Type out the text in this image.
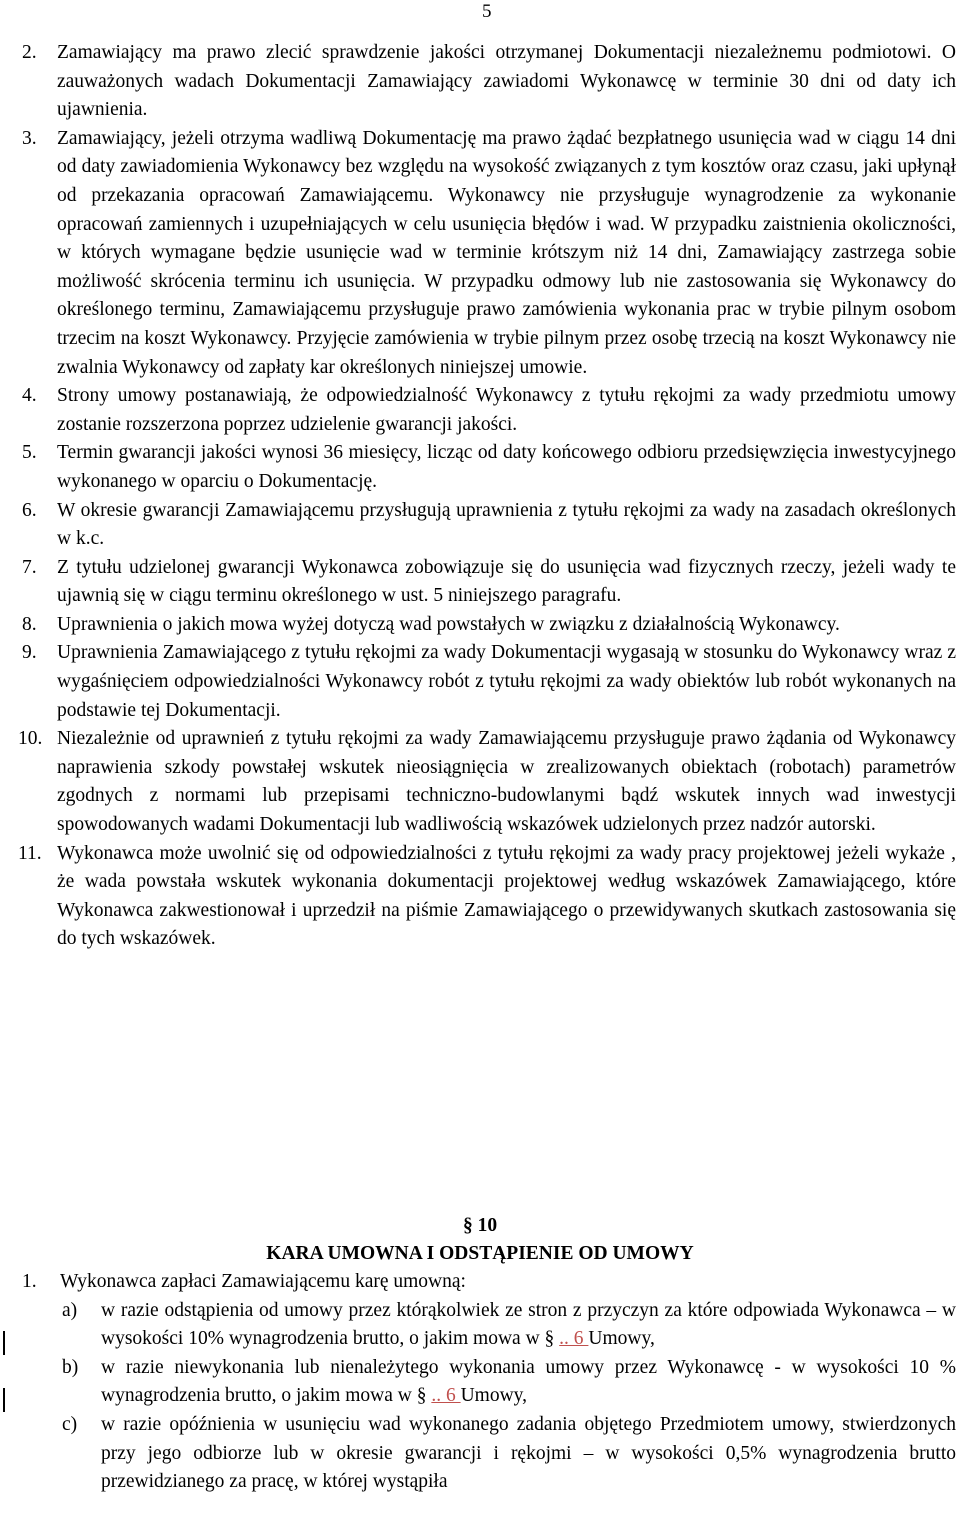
5
2. Zamawiający ma prawo zlecić sprawdzenie jakości otrzymanej Dokumentacji niezależnemu podmiotowi. O zauważonych wadach Dokumentacji Zamawiający zawiadomi Wykonawcę w terminie 30 dni od daty ich ujawnienia.
3. Zamawiający, jeżeli otrzyma wadliwą Dokumentację ma prawo żądać bezpłatnego usunięcia wad w ciągu 14 dni od daty zawiadomienia Wykonawcy bez względu na wysokość związanych z tym kosztów oraz czasu, jaki upłynął od przekazania opracowań Zamawiającemu. Wykonawcy nie przysługuje wynagrodzenie za wykonanie opracowań zamiennych i uzupełniających w celu usunięcia błędów i wad. W przypadku zaistnienia okoliczności, w których wymagane będzie usunięcie wad w terminie krótszym niż 14 dni, Zamawiający zastrzega sobie możliwość skrócenia terminu ich usunięcia. W przypadku odmowy lub nie zastosowania się Wykonawcy do określonego terminu, Zamawiającemu przysługuje prawo zamówienia wykonania prac w trybie pilnym osobom trzecim na koszt Wykonawcy. Przyjęcie zamówienia w trybie pilnym przez osobę trzecią na koszt Wykonawcy nie zwalnia Wykonawcy od zapłaty kar określonych niniejszej umowie.
4. Strony umowy postanawiają, że odpowiedzialność Wykonawcy z tytułu rękojmi za wady przedmiotu umowy zostanie rozszerzona poprzez udzielenie gwarancji jakości.
5. Termin gwarancji jakości wynosi 36 miesięcy, licząc od daty końcowego odbioru przedsięwzięcia inwestycyjnego wykonanego w oparciu o Dokumentację.
6. W okresie gwarancji Zamawiającemu przysługują uprawnienia z tytułu rękojmi za wady na zasadach określonych w k.c.
7. Z tytułu udzielonej gwarancji Wykonawca zobowiązuje się do usunięcia wad fizycznych rzeczy, jeżeli wady te ujawnią się w ciągu terminu określonego w ust. 5 niniejszego paragrafu.
8. Uprawnienia o jakich mowa wyżej dotyczą wad powstałych w związku z działalnością Wykonawcy.
9. Uprawnienia Zamawiającego z tytułu rękojmi za wady Dokumentacji wygasają w stosunku do Wykonawcy wraz z wygaśnięciem odpowiedzialności Wykonawcy robót z tytułu rękojmi za wady obiektów lub robót wykonanych na podstawie tej Dokumentacji.
10. Niezależnie od uprawnień z tytułu rękojmi za wady Zamawiającemu przysługuje prawo żądania od Wykonawcy naprawienia szkody powstałej wskutek nieosiągnięcia w zrealizowanych obiektach (robotach) parametrów zgodnych z normami lub przepisami techniczno-budowlanymi bądź wskutek innych wad inwestycji spowodowanych wadami Dokumentacji lub wadliwością wskazówek udzielonych przez nadzór autorski.
11. Wykonawca może uwolnić się od odpowiedzialności z tytułu rękojmi za wady pracy projektowej jeżeli wykaże , że wada powstała wskutek wykonania dokumentacji projektowej według wskazówek Zamawiającego, które Wykonawca zakwestionował i uprzedził na piśmie Zamawiającego o przewidywanych skutkach zastosowania się do tych wskazówek.
§ 10
KARA UMOWNA I ODSTĄPIENIE OD UMOWY
1. Wykonawca zapłaci Zamawiającemu karę umowną:
a) w razie odstąpienia od umowy przez którąkolwiek ze stron z przyczyn za które odpowiada Wykonawca – w wysokości 10% wynagrodzenia brutto, o jakim mowa w § .. 6 Umowy,
b) w razie niewykonania lub nienależytego wykonania umowy przez Wykonawcę - w wysokości 10 % wynagrodzenia brutto, o jakim mowa w § .. 6 Umowy,
c) w razie opóźnienia w usunięciu wad wykonanego zadania objętego Przedmiotem umowy, stwierdzonych przy jego odbiorze lub w okresie gwarancji i rękojmi – w wysokości 0,5% wynagrodzenia brutto przewidzianego za pracę, w której wystąpiła
